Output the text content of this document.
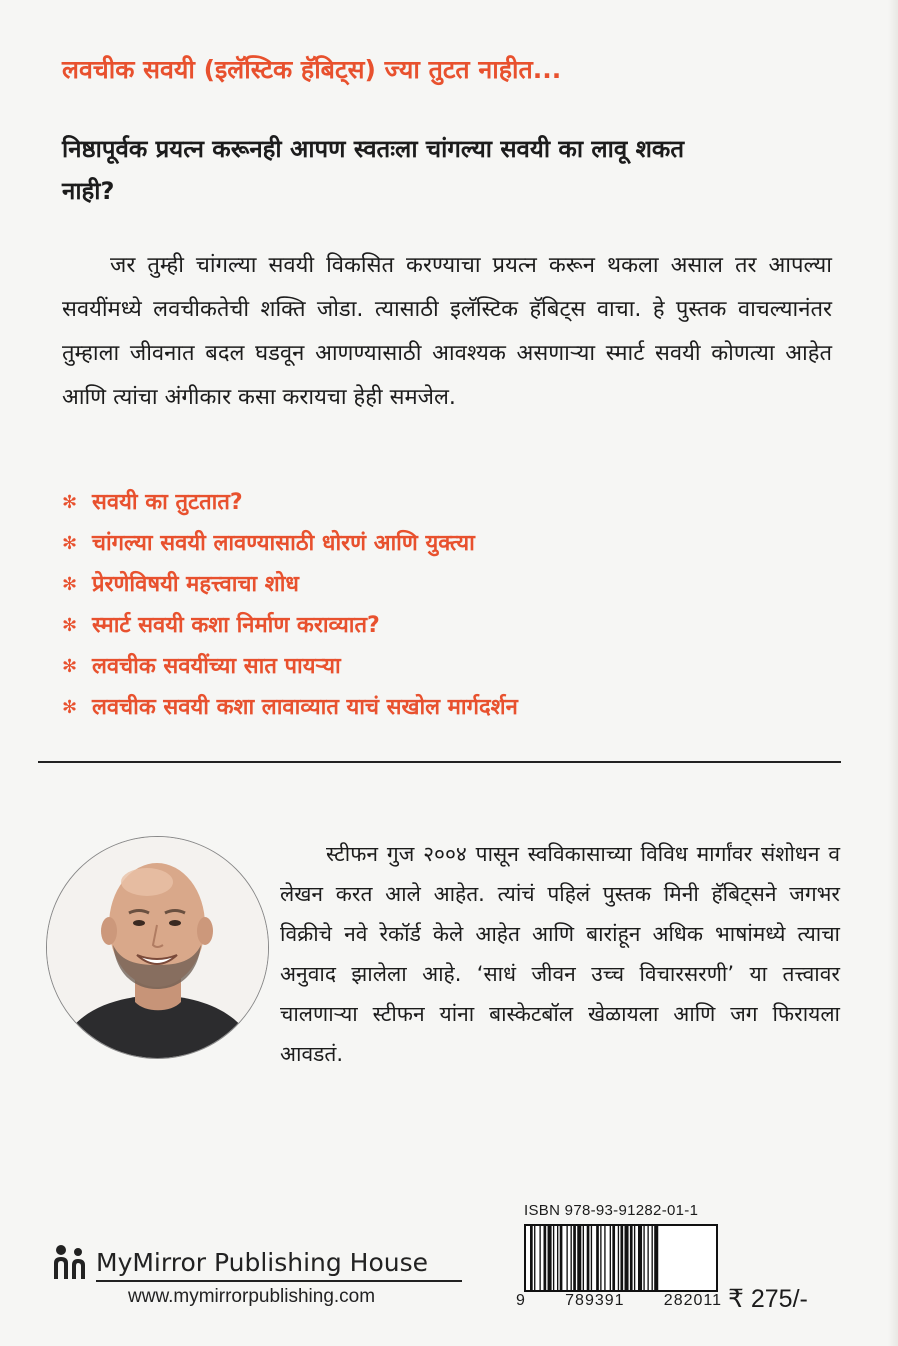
लवचीक सवयी (इलॅस्टिक हॅबिट्स) ज्या तुटत नाहीत...
निष्ठापूर्वक प्रयत्न करूनही आपण स्वतःला चांगल्या सवयी का लावू शकत नाही?
जर तुम्ही चांगल्या सवयी विकसित करण्याचा प्रयत्न करून थकला असाल तर आपल्या सवयींमध्ये लवचीकतेची शक्ति जोडा. त्यासाठी इलॅस्टिक हॅबिट्स वाचा. हे पुस्तक वाचल्यानंतर तुम्हाला जीवनात बदल घडवून आणण्यासाठी आवश्यक असणाऱ्या स्मार्ट सवयी कोणत्या आहेत आणि त्यांचा अंगीकार कसा करायचा हेही समजेल.
✻ सवयी का तुटतात?
✻ चांगल्या सवयी लावण्यासाठी धोरणं आणि युक्त्या
✻ प्रेरणेविषयी महत्त्वाचा शोध
✻ स्मार्ट सवयी कशा निर्माण कराव्यात?
✻ लवचीक सवयींच्या सात पायऱ्या
✻ लवचीक सवयी कशा लावाव्यात याचं सखोल मार्गदर्शन
स्टीफन गुज २००४ पासून स्वविकासाच्या विविध मार्गांवर संशोधन व लेखन करत आले आहेत. त्यांचं पहिलं पुस्तक मिनी हॅबिट्सने जगभर विक्रीचे नवे रेकॉर्ड केले आहेत आणि बारांहून अधिक भाषांमध्ये त्याचा अनुवाद झालेला आहे. ‘साधं जीवन उच्च विचारसरणी’ या तत्त्वावर चालणाऱ्या स्टीफन यांना बास्केटबॉल खेळायला आणि जग फिरायला आवडतं.
MyMirror Publishing House
www.mymirrorpublishing.com
ISBN 978-93-91282-01-1
9 789391 282011 ₹ 275/-
